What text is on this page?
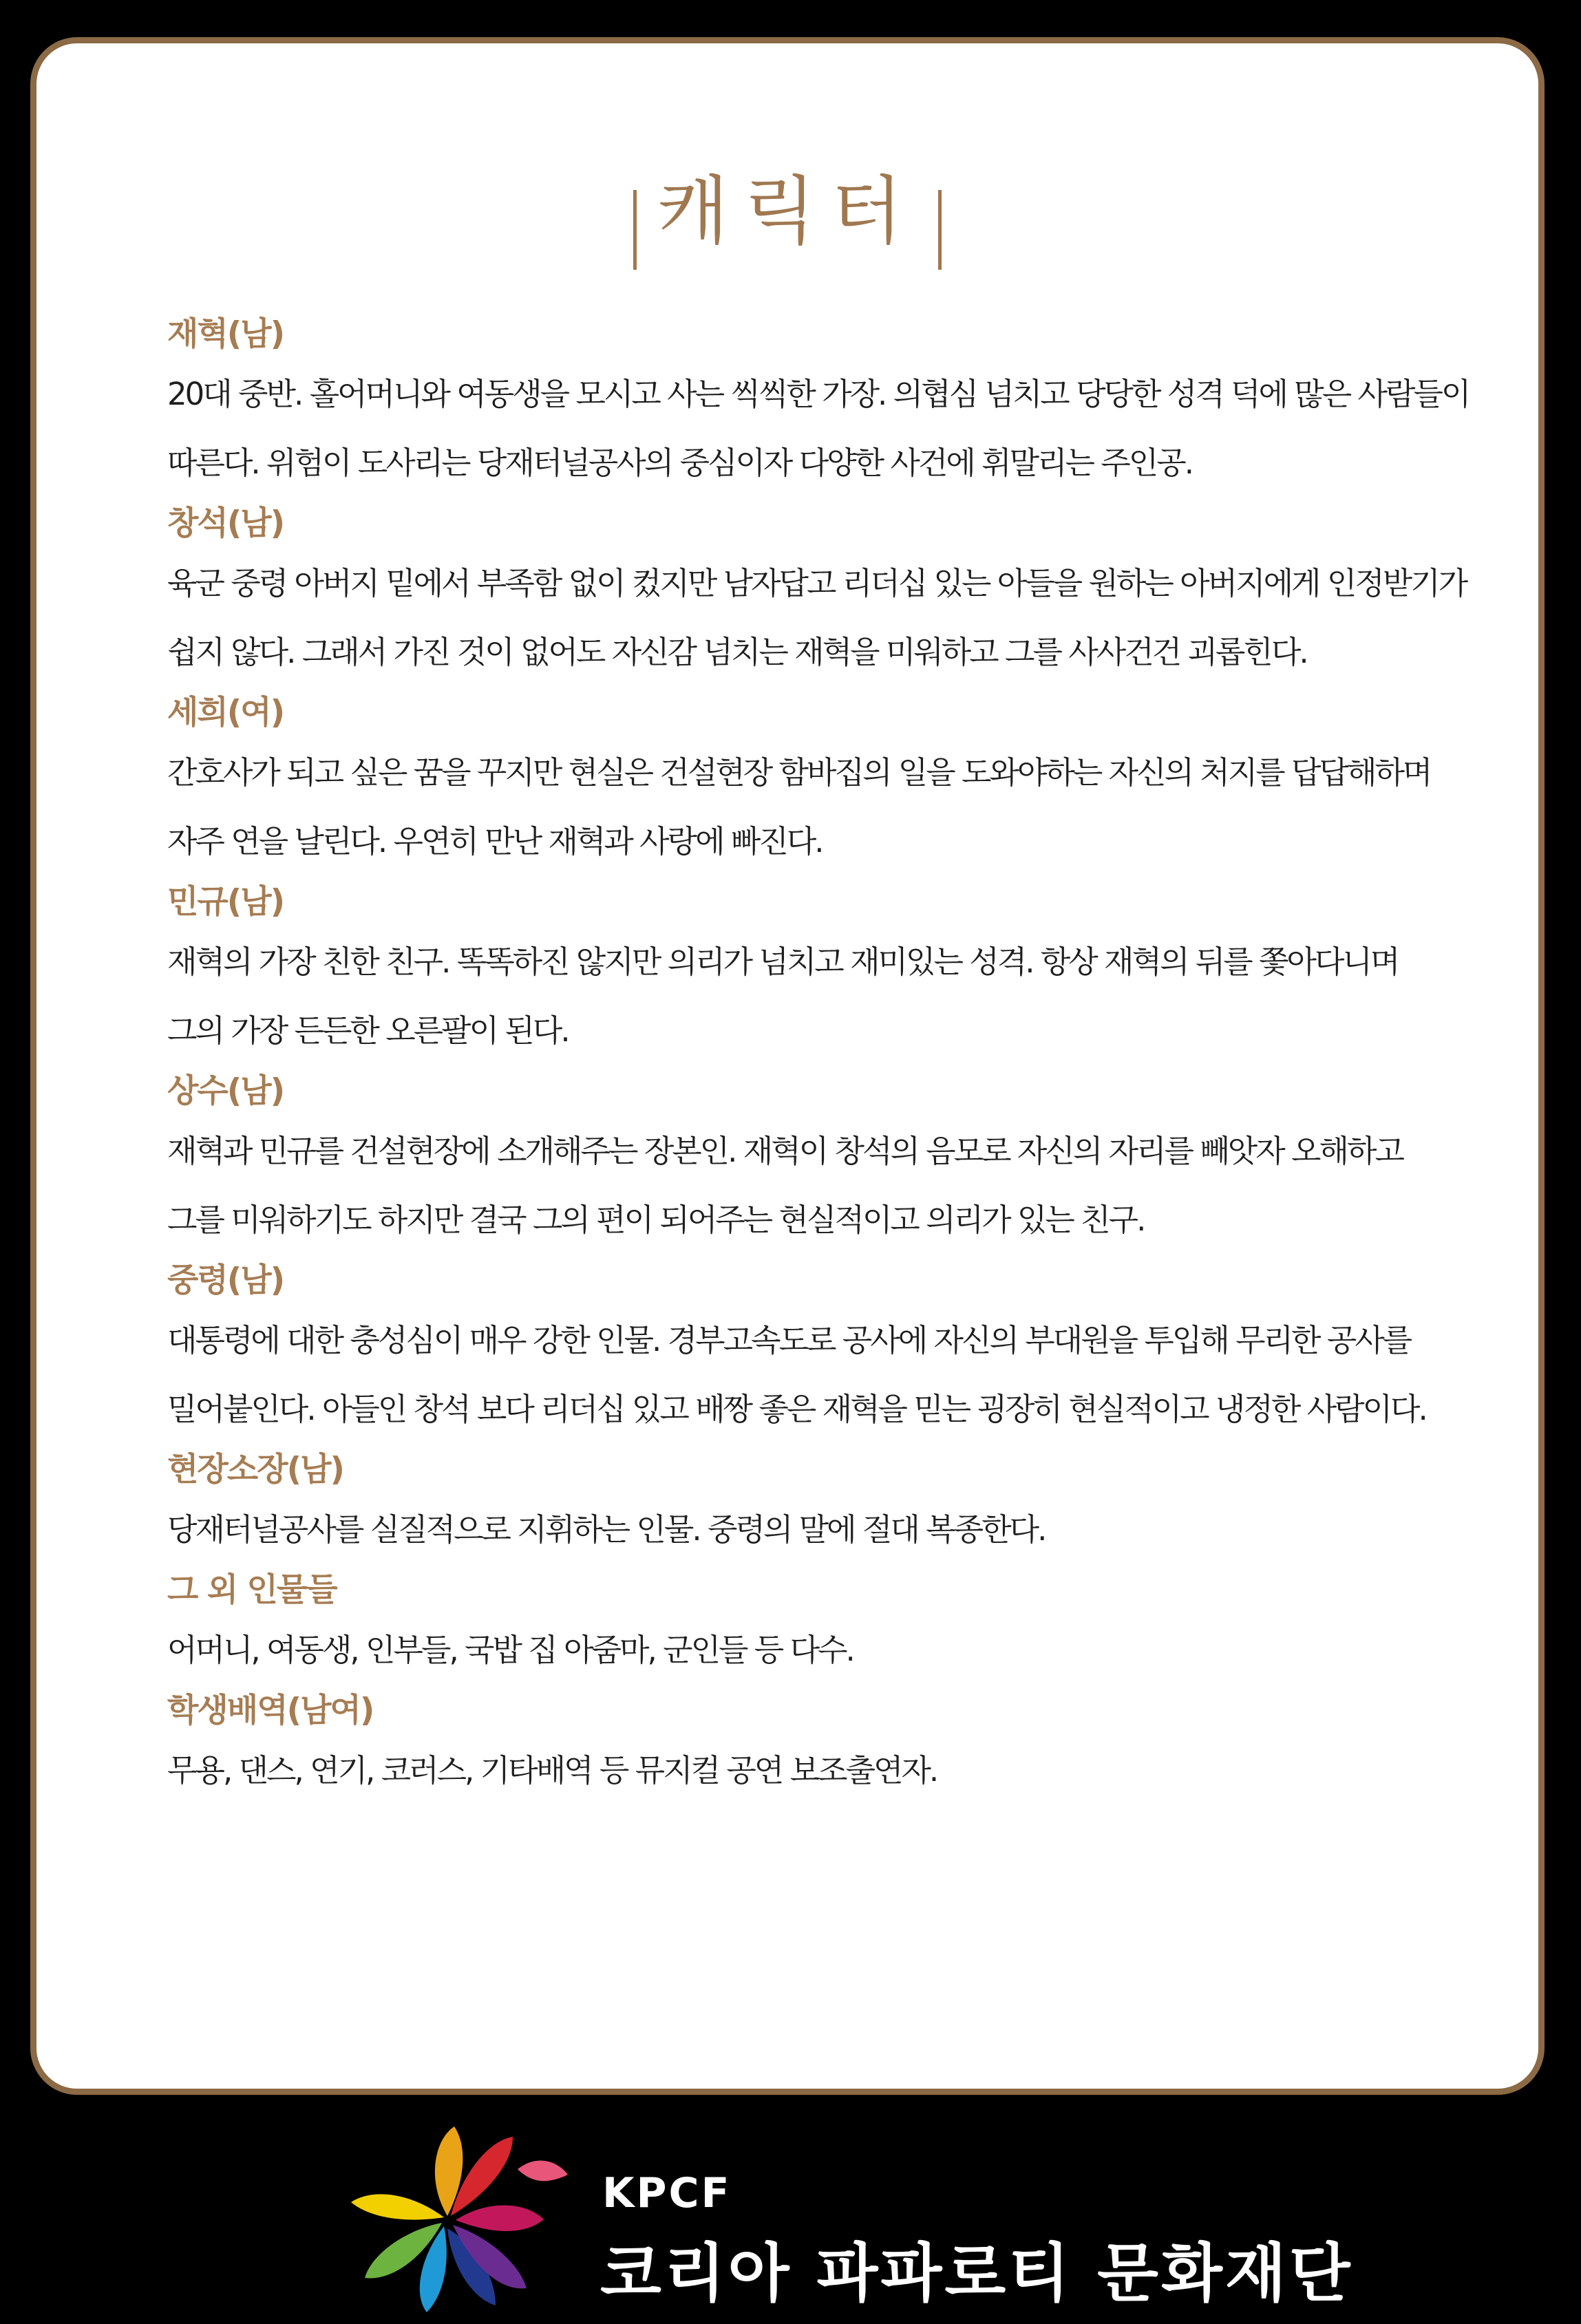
캐릭터
재혁(남)
20대 중반. 홀어머니와 여동생을 모시고 사는 씩씩한 가장. 의협심 넘치고 당당한 성격 덕에 많은 사람들이
따른다. 위험이 도사리는 당재터널공사의 중심이자 다양한 사건에 휘말리는 주인공.
창석(남)
육군 중령 아버지 밑에서 부족함 없이 컸지만 남자답고 리더십 있는 아들을 원하는 아버지에게 인정받기가
쉽지 않다. 그래서 가진 것이 없어도 자신감 넘치는 재혁을 미워하고 그를 사사건건 괴롭힌다.
세희(여)
간호사가 되고 싶은 꿈을 꾸지만 현실은 건설현장 함바집의 일을 도와야하는 자신의 처지를 답답해하며
자주 연을 날린다. 우연히 만난 재혁과 사랑에 빠진다.
민규(남)
재혁의 가장 친한 친구. 똑똑하진 않지만 의리가 넘치고 재미있는 성격. 항상 재혁의 뒤를 쫓아다니며
그의 가장 든든한 오른팔이 된다.
상수(남)
재혁과 민규를 건설현장에 소개해주는 장본인. 재혁이 창석의 음모로 자신의 자리를 빼앗자 오해하고
그를 미워하기도 하지만 결국 그의 편이 되어주는 현실적이고 의리가 있는 친구.
중령(남)
대통령에 대한 충성심이 매우 강한 인물. 경부고속도로 공사에 자신의 부대원을 투입해 무리한 공사를
밀어붙인다. 아들인 창석 보다 리더십 있고 배짱 좋은 재혁을 믿는 굉장히 현실적이고 냉정한 사람이다.
현장소장(남)
당재터널공사를 실질적으로 지휘하는 인물. 중령의 말에 절대 복종한다.
그 외 인물들
어머니, 여동생, 인부들, 국밥 집 아줌마, 군인들 등 다수.
학생배역(남여)
무용, 댄스, 연기, 코러스, 기타배역 등 뮤지컬 공연 보조출연자.
KPCF
코리아 파파로티 문화재단
